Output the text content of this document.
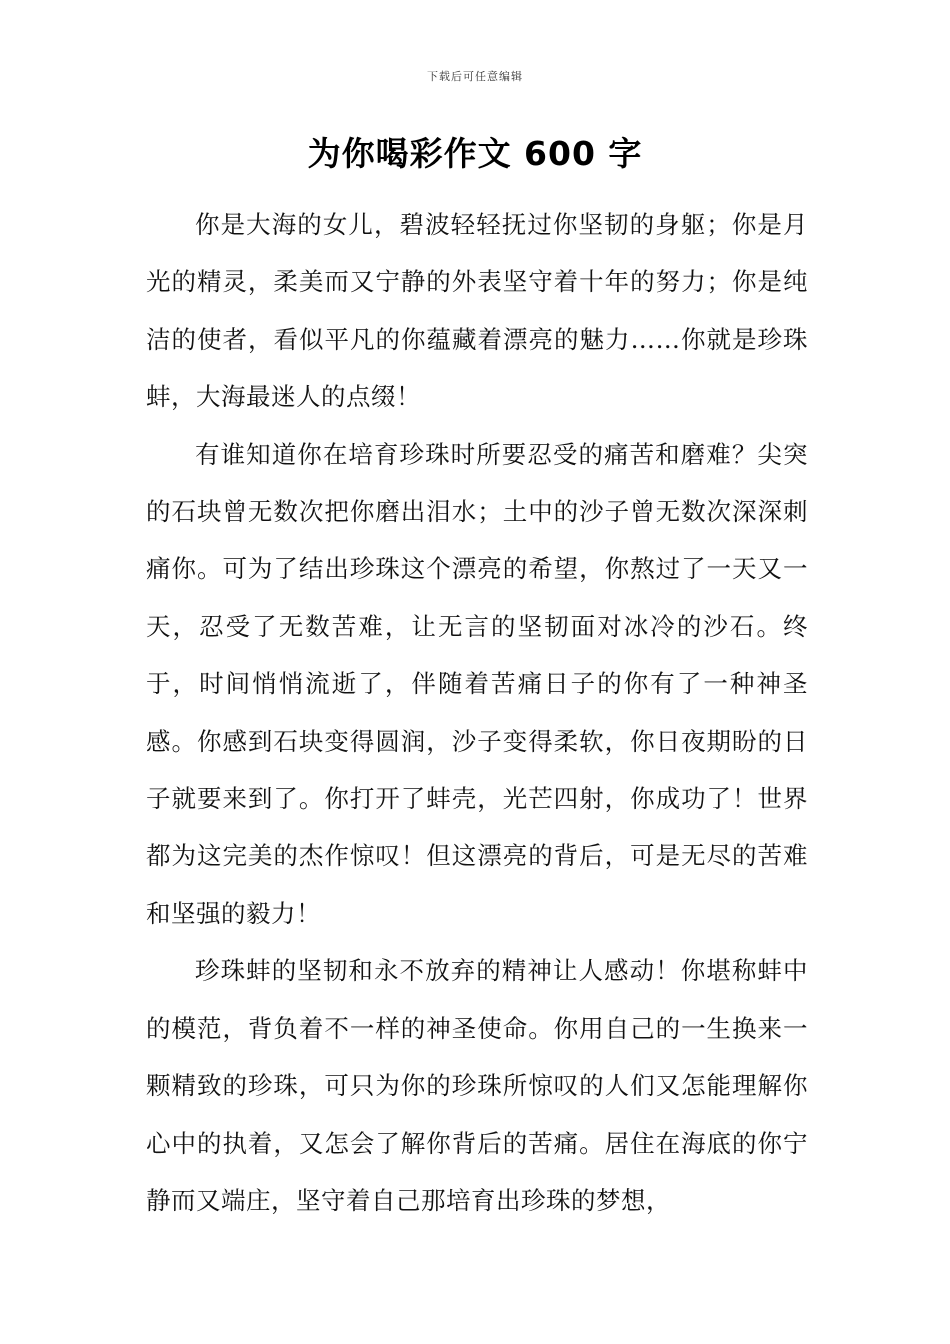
下载后可任意编辑
为你喝彩作文 600 字

你是大海的女儿，碧波轻轻抚过你坚韧的身躯；你是月光的精灵，柔美而又宁静的外表坚守着十年的努力；你是纯洁的使者，看似平凡的你蕴藏着漂亮的魅力……你就是珍珠蚌，大海最迷人的点缀！

有谁知道你在培育珍珠时所要忍受的痛苦和磨难？尖突的石块曾无数次把你磨出泪水；土中的沙子曾无数次深深刺痛你。可为了结出珍珠这个漂亮的希望，你熬过了一天又一天，忍受了无数苦难，让无言的坚韧面对冰冷的沙石。终于，时间悄悄流逝了，伴随着苦痛日子的你有了一种神圣感。你感到石块变得圆润，沙子变得柔软，你日夜期盼的日子就要来到了。你打开了蚌壳，光芒四射，你成功了！世界都为这完美的杰作惊叹！但这漂亮的背后，可是无尽的苦难和坚强的毅力！

珍珠蚌的坚韧和永不放弃的精神让人感动！你堪称蚌中的模范，背负着不一样的神圣使命。你用自己的一生换来一颗精致的珍珠，可只为你的珍珠所惊叹的人们又怎能理解你心中的执着，又怎会了解你背后的苦痛。居住在海底的你宁静而又端庄，坚守着自己那培育出珍珠的梦想，
